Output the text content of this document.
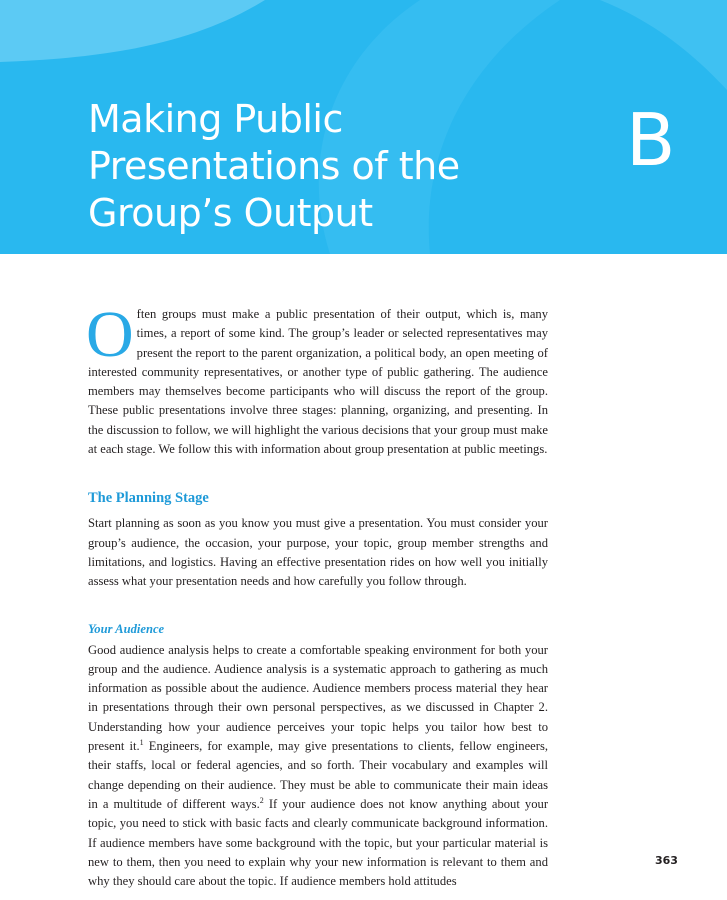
Making Public
Presentations of the
Group’s Output
B

Often groups must make a public presentation of their output, which is, many times, a report of some kind. The group’s leader or selected representatives may present the report to the parent organization, a political body, an open meeting of interested community representatives, or another type of public gathering. The audience members may themselves become participants who will discuss the report of the group. These public presentations involve three stages: planning, organizing, and presenting. In the discussion to follow, we will highlight the various decisions that your group must make at each stage. We follow this with information about group presentation at public meetings.

The Planning Stage

Start planning as soon as you know you must give a presentation. You must consider your group’s audience, the occasion, your purpose, your topic, group member strengths and limitations, and logistics. Having an effective presentation rides on how well you initially assess what your presentation needs and how carefully you follow through.

Your Audience

Good audience analysis helps to create a comfortable speaking environment for both your group and the audience. Audience analysis is a systematic approach to gathering as much information as possible about the audience. Audience members process material they hear in presentations through their own personal perspectives, as we discussed in Chapter 2. Understanding how your audience perceives your topic helps you tailor how best to present it.$^1$ Engineers, for example, may give presentations to clients, fellow engineers, their staffs, local or federal agencies, and so forth. Their vocabulary and examples will change depending on their audience. They must be able to communicate their main ideas in a multitude of different ways.$^2$ If your audience does not know anything about your topic, you need to stick with basic facts and clearly communicate background information. If audience members have some background with the topic, but your particular material is new to them, then you need to explain why your new information is relevant to them and why they should care about the topic. If audience members hold attitudes

363
